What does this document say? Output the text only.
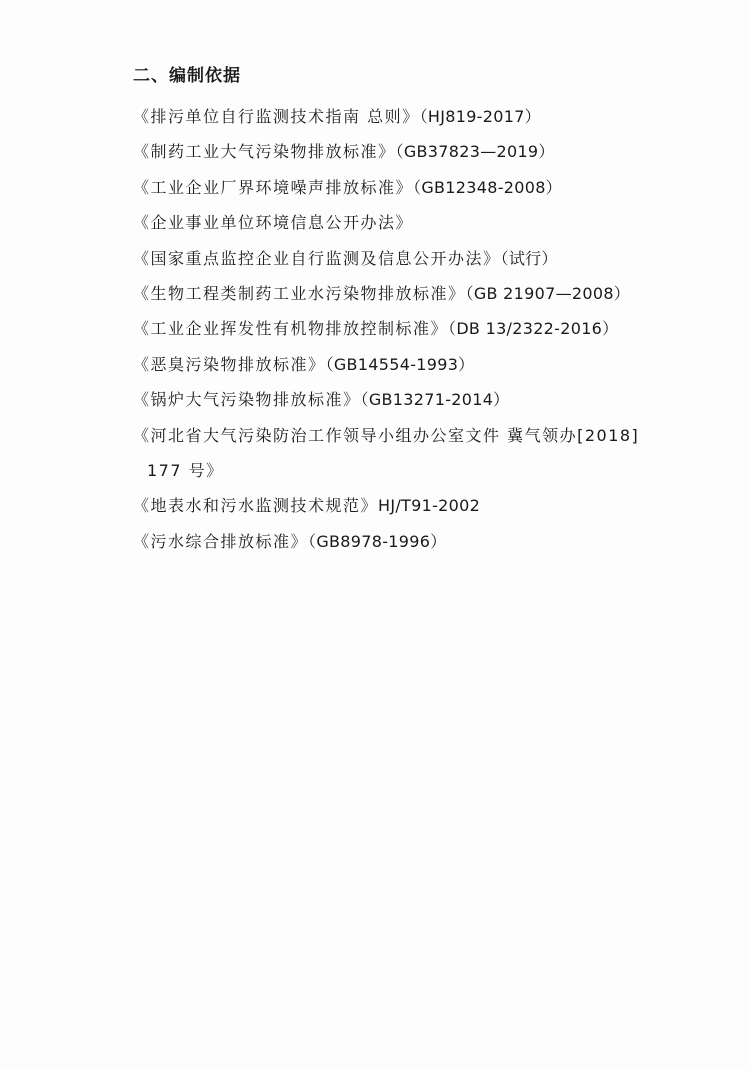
二、编制依据
《排污单位自行监测技术指南 总则》（HJ819-2017）
《制药工业大气污染物排放标准》（GB37823—2019）
《工业企业厂界环境噪声排放标准》（GB12348-2008）
《企业事业单位环境信息公开办法》
《国家重点监控企业自行监测及信息公开办法》（试行）
《生物工程类制药工业水污染物排放标准》（GB 21907—2008）
《工业企业挥发性有机物排放控制标准》（DB 13/2322-2016）
《恶臭污染物排放标准》（GB14554-1993）
《锅炉大气污染物排放标准》（GB13271-2014）
《河北省大气污染防治工作领导小组办公室文件 冀气领办[2018]
177 号》
《地表水和污水监测技术规范》HJ/T91-2002
《污水综合排放标准》（GB8978-1996）
